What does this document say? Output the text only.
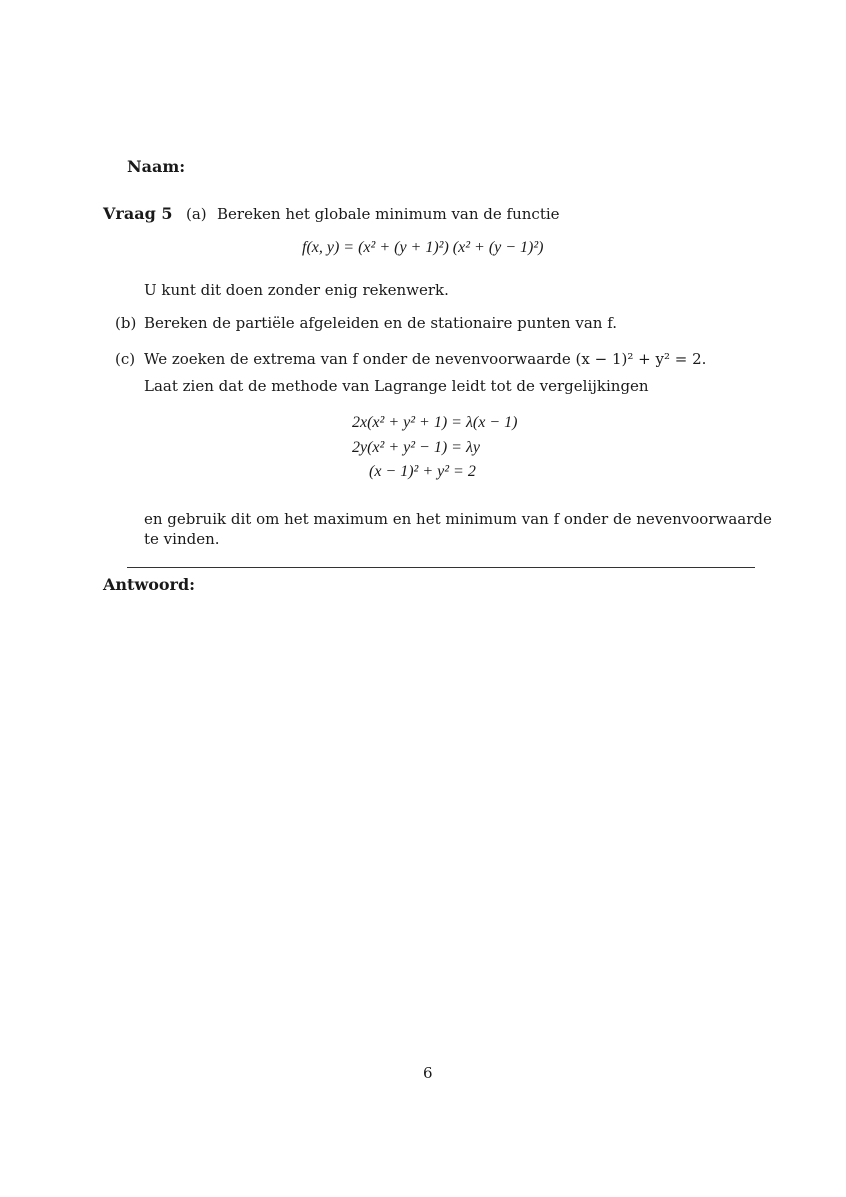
Naam:
Vraag 5 (a) Bereken het globale minimum van de functie
f(x, y) = (x² + (y + 1)²) (x² + (y − 1)²)
U kunt dit doen zonder enig rekenwerk.
(b) Bereken de partiële afgeleiden en de stationaire punten van f.
(c) We zoeken de extrema van f onder de nevenvoorwaarde (x − 1)² + y² = 2.
Laat zien dat de methode van Lagrange leidt tot de vergelijkingen
2x(x² + y² + 1) = λ(x − 1)
2y(x² + y² − 1) = λy
(x − 1)² + y² = 2
en gebruik dit om het maximum en het minimum van f onder de nevenvoorwaarde
te vinden.
Antwoord:
6
